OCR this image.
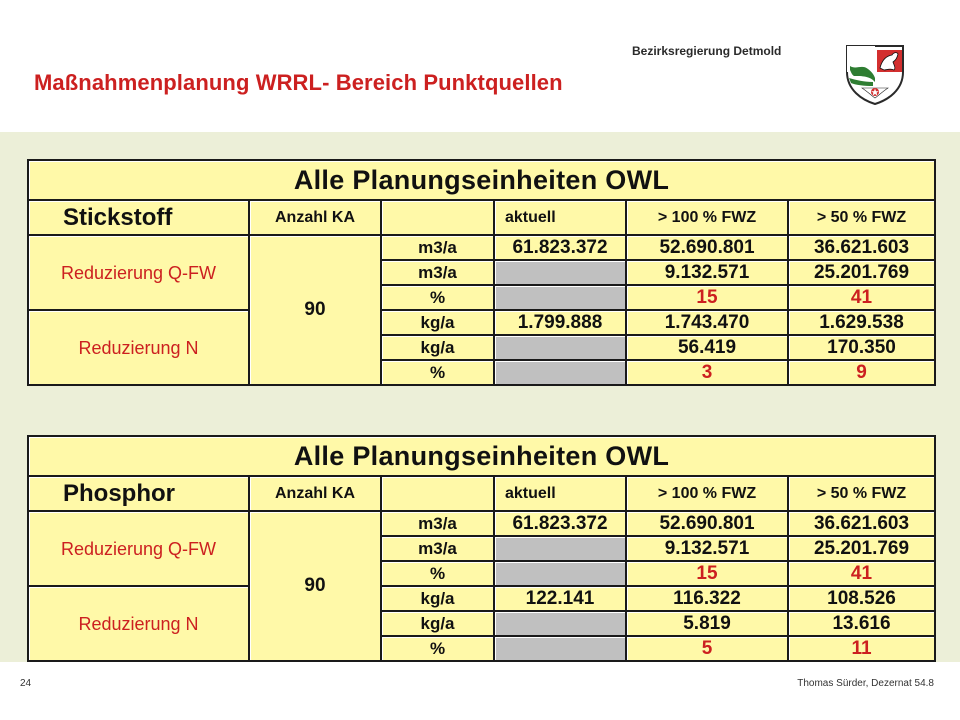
Bezirksregierung Detmold
Maßnahmenplanung WRRL- Bereich Punktquellen
Alle Planungseinheiten OWL					
Stickstoff	Anzahl KA		aktuell	> 100 % FWZ	> 50 % FWZ
Reduzierung Q-FW	90	m3/a	61.823.372	52.690.801	36.621.603
		m3/a		9.132.571	25.201.769
		%		15	41
Reduzierung N		kg/a	1.799.888	1.743.470	1.629.538
		kg/a		56.419	170.350
		%		3	9
Alle Planungseinheiten OWL					
Phosphor	Anzahl KA		aktuell	> 100 % FWZ	> 50 % FWZ
Reduzierung Q-FW	90	m3/a	61.823.372	52.690.801	36.621.603
		m3/a		9.132.571	25.201.769
		%		15	41
Reduzierung N		kg/a	122.141	116.322	108.526
		kg/a		5.819	13.616
		%		5	11
24	Thomas Sürder, Dezernat 54.8
